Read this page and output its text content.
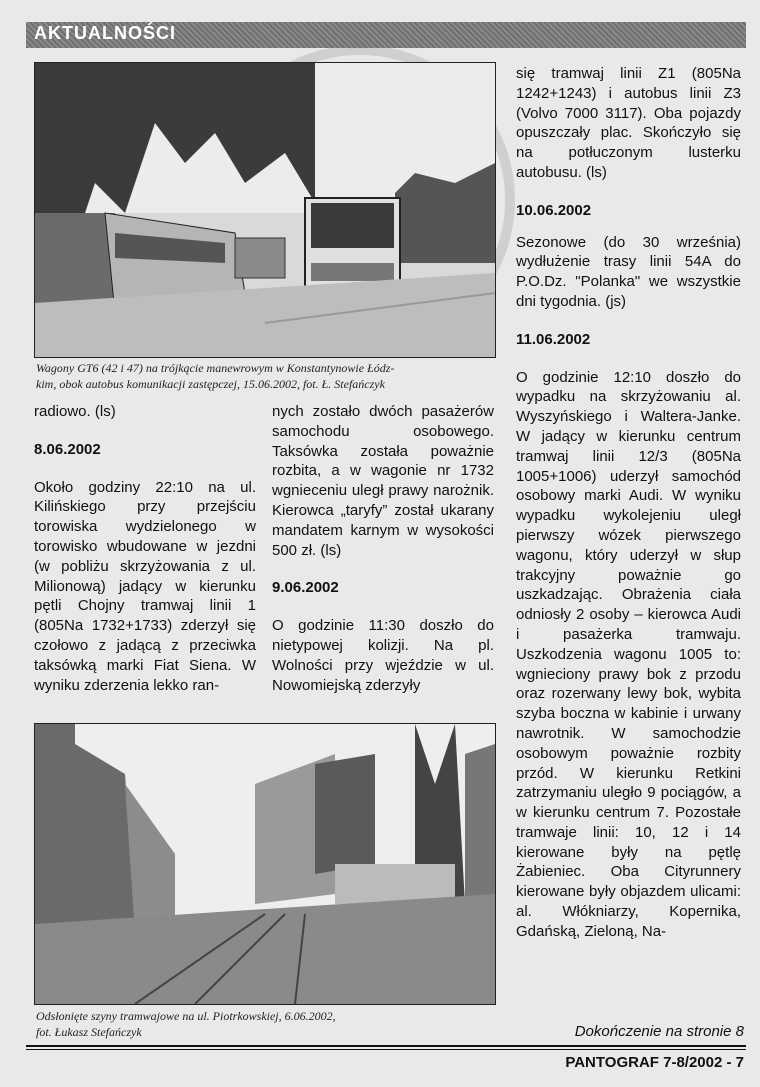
AKTUALNOŚCI
Wagony GT6 (42 i 47) na trójkącie manewrowym w Konstantynowie Łódz-
kim, obok autobus komunikacji zastępczej, 15.06.2002, fot. Ł. Stefańczyk
Odsłonięte szyny tramwajowe na ul. Piotrkowskiej, 6.06.2002,
fot. Łukasz Stefańczyk

radiowo. (ls)

8.06.2002

Około godziny 22:10 na ul. Kilińskiego przy przejściu torowiska wydzielonego w torowisko wbudowane w jezdni (w pobliżu skrzyżowania z ul. Milionową) jadący w kierunku pętli Chojny tramwaj linii 1 (805Na 1732+1733) zderzył się czołowo z jadącą z przeciwka taksówką marki Fiat Siena. W wyniku zderzenia lekko ran-

nych zostało dwóch pasażerów samochodu osobowego. Taksówka została poważnie rozbita, a w wagonie nr 1732 wgnieceniu uległ prawy narożnik. Kierowca „taryfy” został ukarany mandatem karnym w wysokości 500 zł. (ls)

9.06.2002

O godzinie 11:30 doszło do nietypowej kolizji. Na pl. Wolności przy wjeździe w ul. Nowomiejską zderzyły

się tramwaj linii Z1 (805Na 1242+1243) i autobus linii Z3 (Volvo 7000 3117). Oba pojazdy opuszczały plac. Skończyło się na potłuczonym lusterku autobusu. (ls)

10.06.2002

Sezonowe (do 30 września) wydłużenie trasy linii 54A do P.O.Dz. "Polanka" we wszystkie dni tygodnia. (js)

11.06.2002

O godzinie 12:10 doszło do wypadku na skrzyżowaniu al. Wyszyńskiego i Waltera-Janke. W jadący w kierunku centrum tramwaj linii 12/3 (805Na 1005+1006) uderzył samochód osobowy marki Audi. W wyniku wypadku wykolejeniu uległ pierwszy wózek pierwszego wagonu, który uderzył w słup trakcyjny poważnie go uszkadzając. Obrażenia ciała odniosły 2 osoby – kierowca Audi i pasażerka tramwaju. Uszkodzenia wagonu 1005 to: wgnieciony prawy bok z przodu oraz rozerwany lewy bok, wybita szyba boczna w kabinie i urwany nawrotnik. W samochodzie osobowym poważnie rozbity przód. W kierunku Retkini zatrzymaniu uległo 9 pociągów, a w kierunku centrum 7. Pozostałe tramwaje linii: 10, 12 i 14 kierowane były na pętlę Żabieniec. Oba Cityrunnery kierowane były objazdem ulicami: al. Włókniarzy, Kopernika, Gdańską, Zieloną, Na-

Dokończenie na stronie 8
PANTOGRAF 7-8/2002 - 7
